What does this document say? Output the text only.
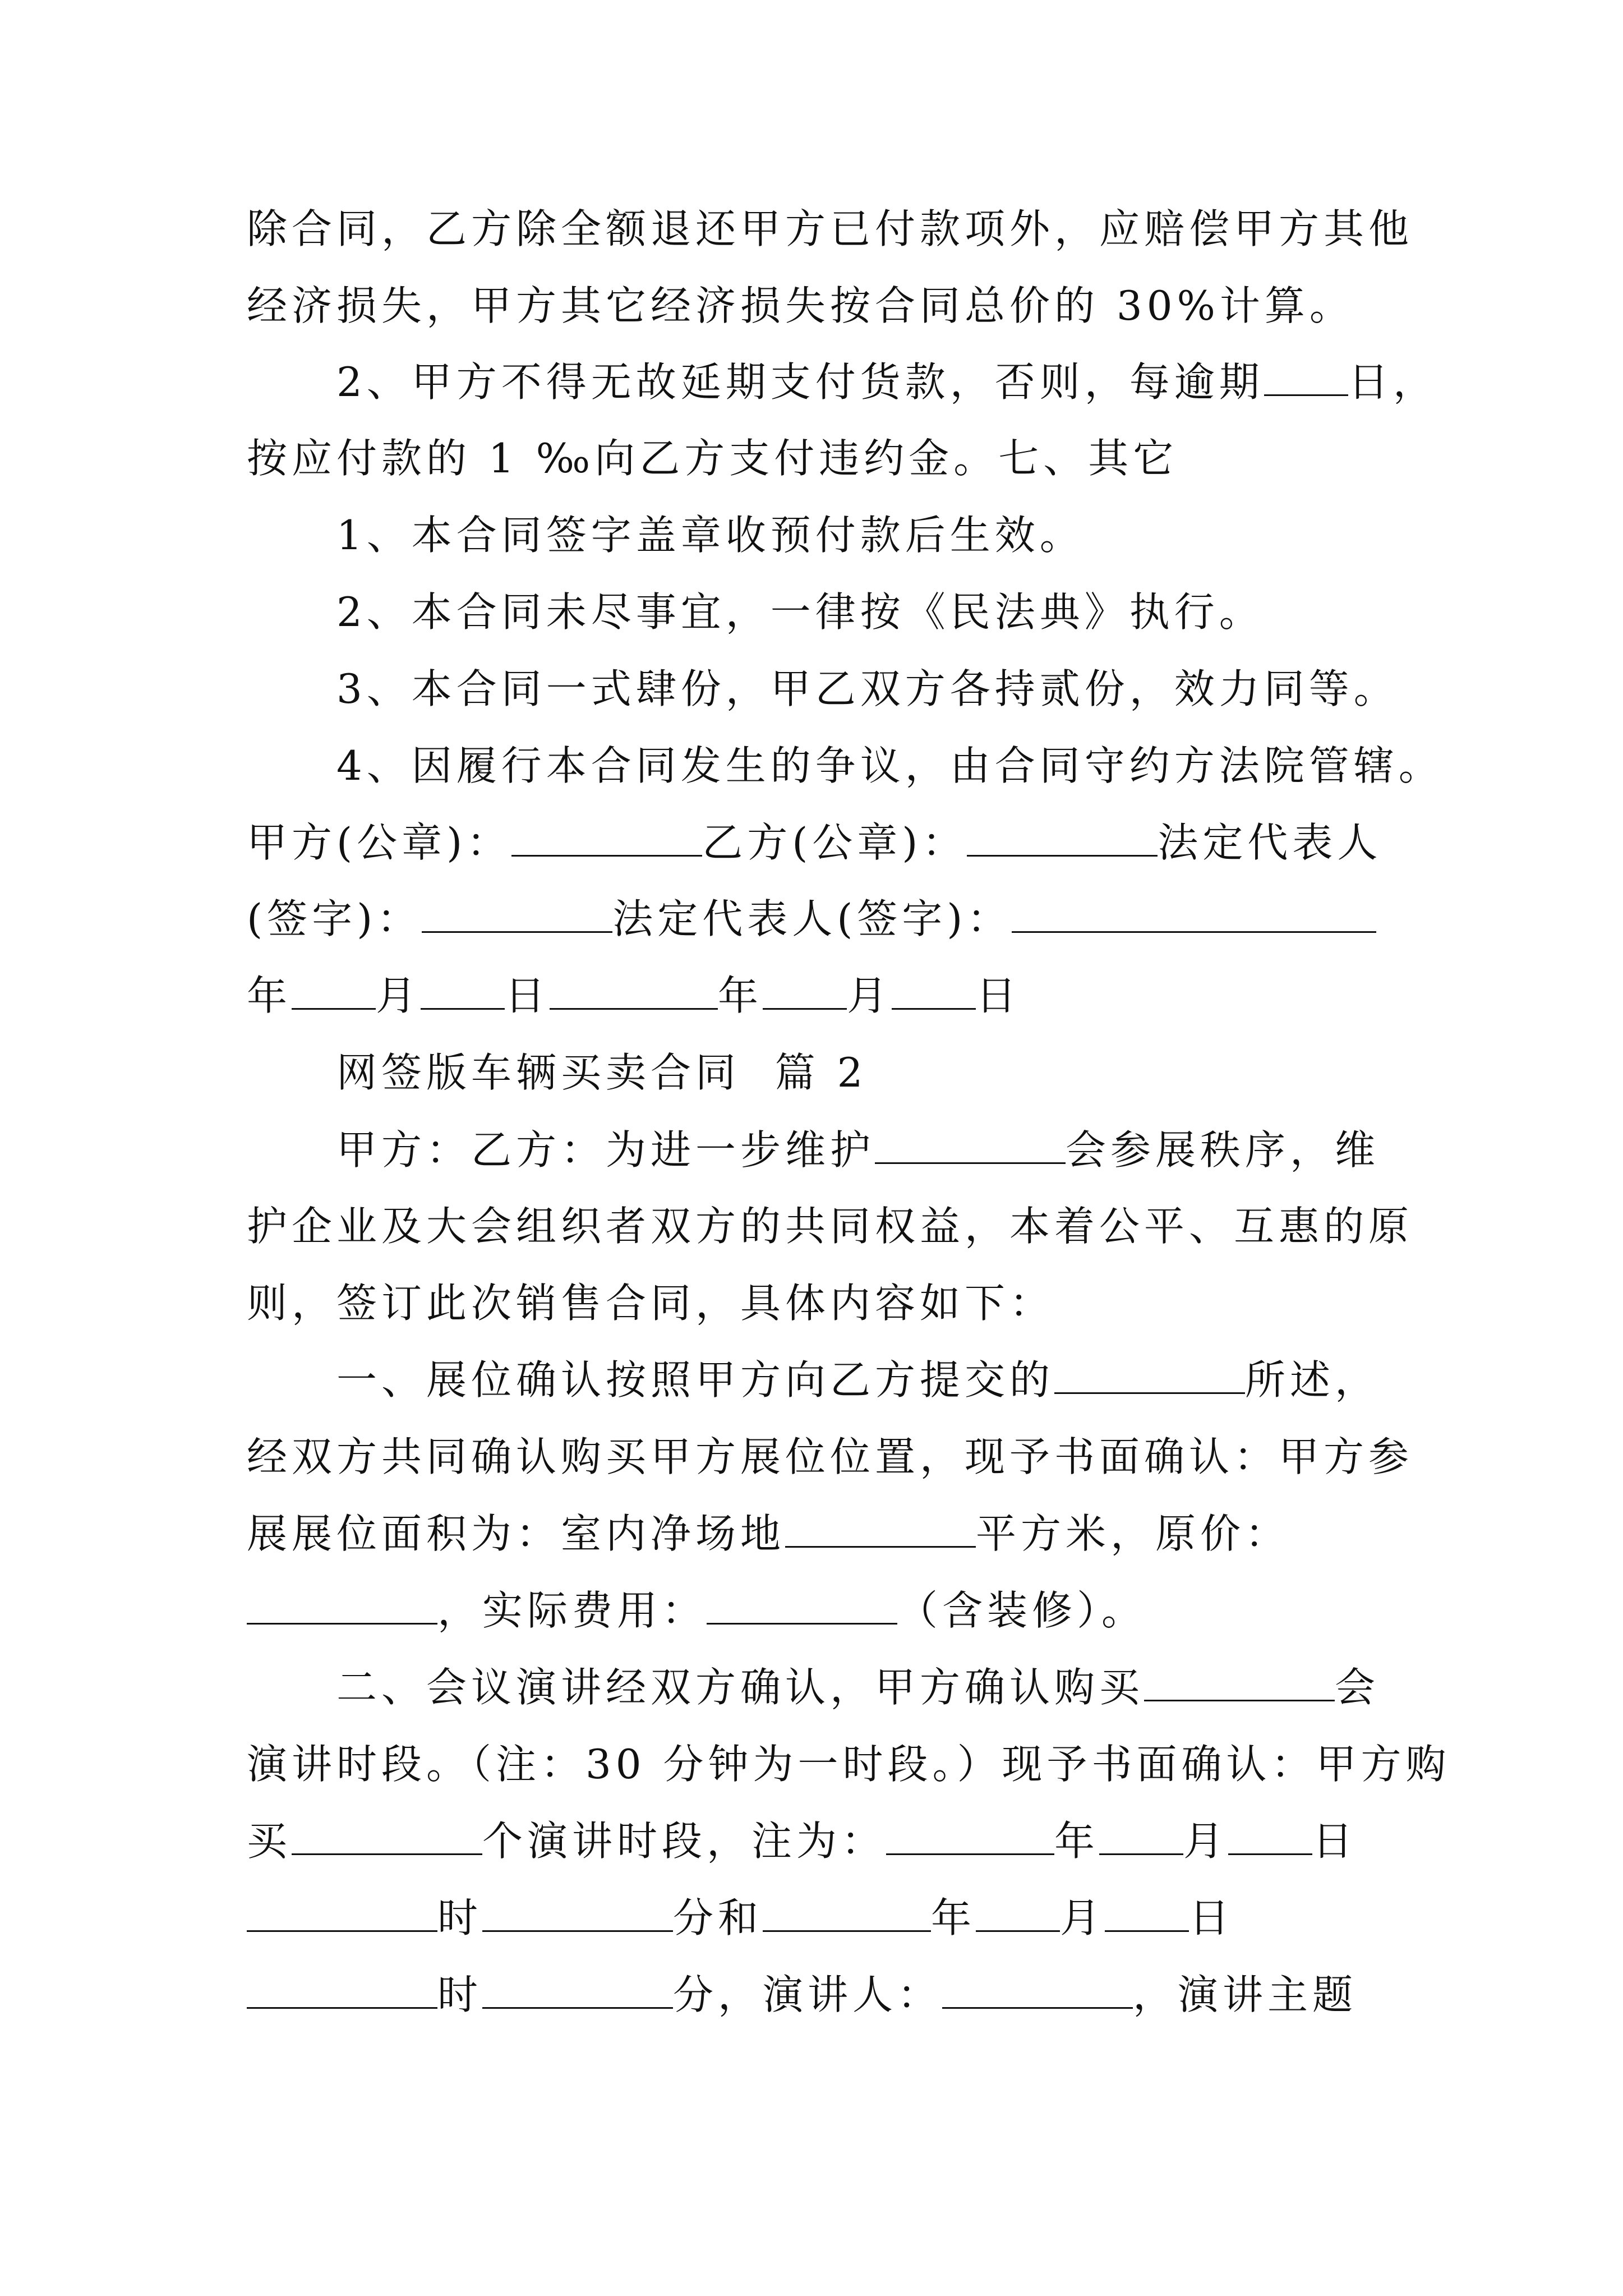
除合同，乙方除全额退还甲方已付款项外，应赔偿甲方其他
经济损失，甲方其它经济损失按合同总价的 30%计算。
2、甲方不得无故延期支付货款，否则，每逾期 日，
按应付款的 1 ‰向乙方支付违约金。七、其它
1、本合同签字盖章收预付款后生效。
2、本合同未尽事宜，一律按《民法典》执行。
3、本合同一式肆份，甲乙双方各持贰份，效力同等。
4、因履行本合同发生的争议，由合同守约方法院管辖。
甲方(公章)：	乙方(公章)：	法定代表人
(签字)：	法定代表人(签字)：
年 月 日	年 月 日
网签版车辆买卖合同  篇 2
甲方：乙方：为进一步维护	会参展秩序，维
护企业及大会组织者双方的共同权益，本着公平、互惠的原
则，签订此次销售合同，具体内容如下：
一、展位确认按照甲方向乙方提交的	所述，
经双方共同确认购买甲方展位位置，现予书面确认：甲方参
展展位面积为：室内净场地	平方米，原价：
，实际费用：	（含装修）。
二、会议演讲经双方确认，甲方确认购买	会
演讲时段。（注：30 分钟为一时段。）现予书面确认：甲方购
买	个演讲时段，注为：	年 月 日
时	分和	年 月 日
时	分，演讲人：	，演讲主题
